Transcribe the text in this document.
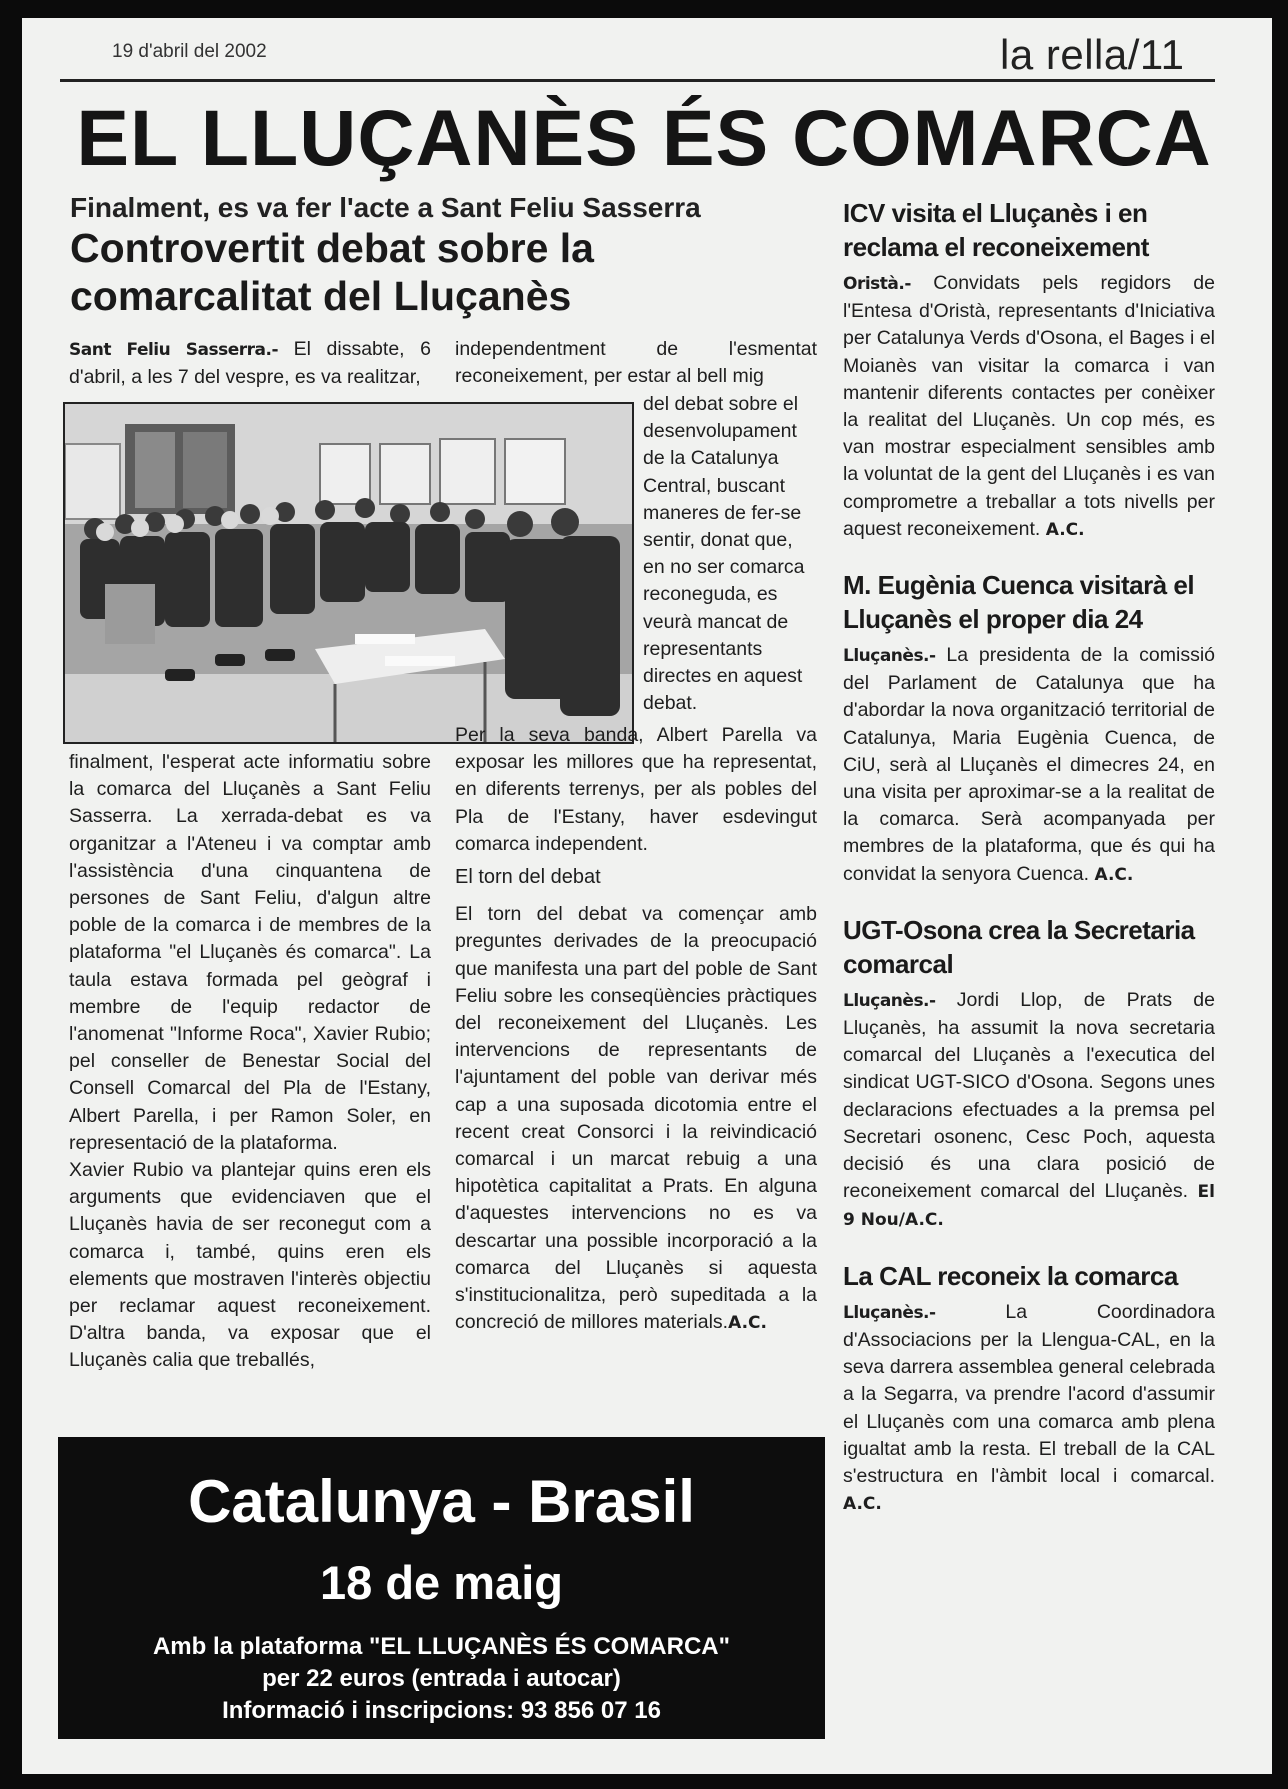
19 d'abril del 2002	la rella/11
EL LLUÇANÈS ÉS COMARCA
Finalment, es va fer l'acte a Sant Feliu Sasserra
Controvertit debat sobre la comarcalitat del Lluçanès
Sant Feliu Sasserra.- El dissabte, 6 d'abril, a les 7 del vespre, es va realitzar,
independentment de l'esmentat reconeixement, per estar al bell mig
del debat sobre el desenvolupament de la Catalunya Central, buscant maneres de fer-se sentir, donat que, en no ser comarca reconeguda, es veurà mancat de representants directes en aquest debat.

finalment, l'esperat acte informatiu sobre la comarca del Lluçanès a Sant Feliu Sasserra. La xerrada-debat es va organitzar a l'Ateneu i va comptar amb l'assistència d'una cinquantena de persones de Sant Feliu, d'algun altre poble de la comarca i de membres de la plataforma "el Lluçanès és comarca". La taula estava formada pel geògraf i membre de l'equip redactor de l'anomenat "Informe Roca", Xavier Rubio; pel conseller de Benestar Social del Consell Comarcal del Pla de l'Estany, Albert Parella, i per Ramon Soler, en representació de la plataforma.

Xavier Rubio va plantejar quins eren els arguments que evidenciaven que el Lluçanès havia de ser reconegut com a comarca i, també, quins eren els elements que mostraven l'interès objectiu per reclamar aquest reconeixement. D'altra banda, va exposar que el Lluçanès calia que treballés,

Per la seva banda, Albert Parella va exposar les millores que ha representat, en diferents terrenys, per als pobles del Pla de l'Estany, haver esdevingut comarca independent.

El torn del debat

El torn del debat va començar amb preguntes derivades de la preocupació que manifesta una part del poble de Sant Feliu sobre les conseqüències pràctiques del reconeixement del Lluçanès. Les intervencions de representants de l'ajuntament del poble van derivar més cap a una suposada dicotomia entre el recent creat Consorci i la reivindicació comarcal i un marcat rebuig a una hipotètica capitalitat a Prats. En alguna d'aquestes intervencions no es va descartar una possible incorporació a la comarca del Lluçanès si aquesta s'institucionalitza, però supeditada a la concreció de millores materials.A.C.

Catalunya - Brasil
18 de maig
Amb la plataforma "EL LLUÇANÈS ÉS COMARCA"
per 22 euros (entrada i autocar)
Informació i inscripcions: 93 856 07 16
ICV visita el Lluçanès i en reclama el reconeixement
Oristà.- Convidats pels regidors de l'Entesa d'Oristà, representants d'Iniciativa per Catalunya Verds d'Osona, el Bages i el Moianès van visitar la comarca i van mantenir diferents contactes per conèixer la realitat del Lluçanès. Un cop més, es van mostrar especialment sensibles amb la voluntat de la gent del Lluçanès i es van comprometre a treballar a tots nivells per aquest reconeixement. A.C.
M. Eugènia Cuenca visitarà el Lluçanès el proper dia 24
Lluçanès.- La presidenta de la comissió del Parlament de Catalunya que ha d'abordar la nova organització territorial de Catalunya, Maria Eugènia Cuenca, de CiU, serà al Lluçanès el dimecres 24, en una visita per aproximar-se a la realitat de la comarca. Serà acompanyada per membres de la plataforma, que és qui ha convidat la senyora Cuenca. A.C.
UGT-Osona crea la Secretaria comarcal
Lluçanès.- Jordi Llop, de Prats de Lluçanès, ha assumit la nova secretaria comarcal del Lluçanès a l'executica del sindicat UGT-SICO d'Osona. Segons unes declaracions efectuades a la premsa pel Secretari osonenc, Cesc Poch, aquesta decisió és una clara posició de reconeixement comarcal del Lluçanès. El 9 Nou/A.C.
La CAL reconeix la comarca
Lluçanès.-	La Coordinadora d'Associacions per la Llengua-CAL, en la seva darrera assemblea general celebrada a la Segarra, va prendre l'acord d'assumir el Lluçanès com una comarca amb plena igualtat amb la resta. El treball de la CAL s'estructura en l'àmbit local i comarcal. A.C.
